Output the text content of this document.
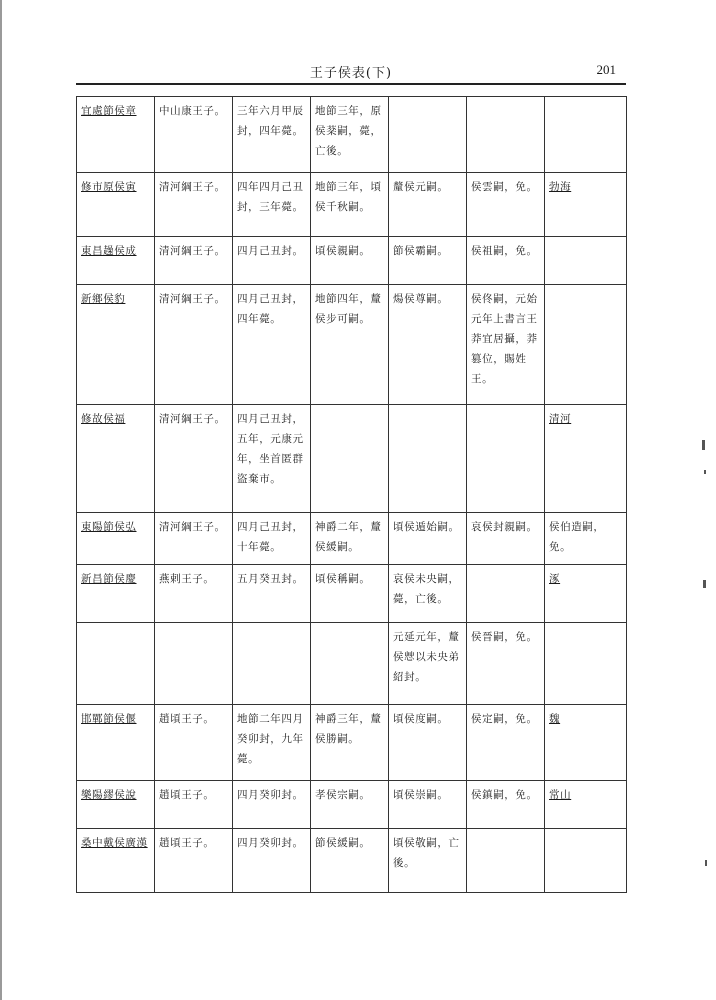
王子侯表(下)	201
宜處節侯章	中山康王子。	三年六月甲辰封，四年薨。	地節三年，原侯棻嗣，薨，亡後。			
修市原侯寅	清河綱王子。	四年四月己丑封，三年薨。	地節三年，頃侯千秋嗣。	釐侯元嗣。	侯雲嗣，免。	勃海
東昌趮侯成	清河綱王子。	四月己丑封。	頃侯親嗣。	節侯霸嗣。	侯祖嗣，免。	
新鄉侯豹	清河綱王子。	四月己丑封，四年薨。	地節四年，釐侯步可嗣。	煬侯尊嗣。	侯佟嗣，元始元年上書言王莽宜居攝，莽篡位，賜姓王。	
修故侯福	清河綱王子。	四月己丑封，五年，元康元年，坐首匿群盜棄市。				清河
東陽節侯弘	清河綱王子。	四月己丑封，十年薨。	神爵二年，釐侯緩嗣。	頃侯遁始嗣。	哀侯封親嗣。	侯伯造嗣，免。
新昌節侯慶	燕剌王子。	五月癸丑封。	頃侯稱嗣。	哀侯未央嗣，薨，亡後。		涿
				元延元年，釐侯𢘿以未央弟紹封。	侯晉嗣，免。	
邯鄲節侯偃	趙頃王子。	地節二年四月癸卯封，九年薨。	神爵三年，釐侯勝嗣。	頃侯度嗣。	侯定嗣，免。	魏
樂陽繆侯說	趙頃王子。	四月癸卯封。	孝侯宗嗣。	頃侯崇嗣。	侯鎮嗣，免。	常山
桑中戴侯廣漢	趙頃王子。	四月癸卯封。	節侯緩嗣。	頃侯敬嗣，亡後。		
